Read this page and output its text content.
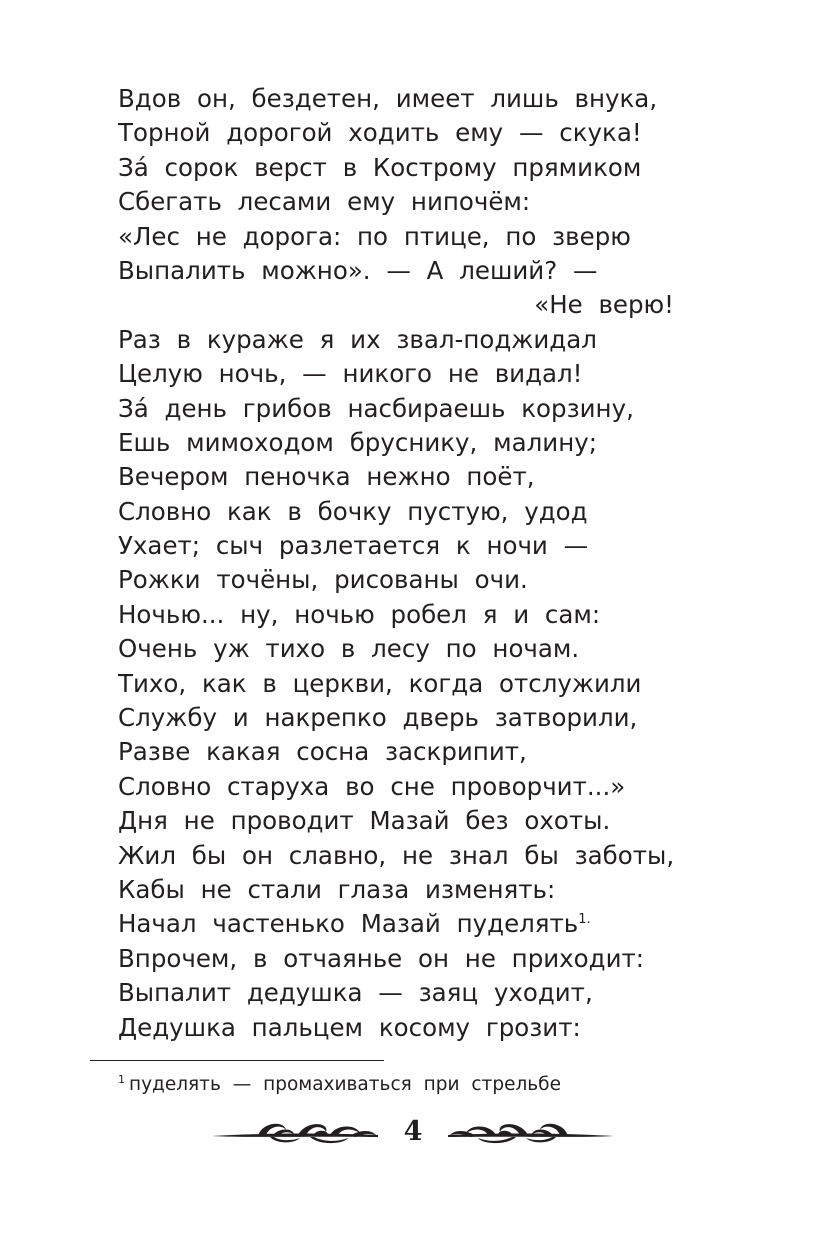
Вдов он, бездетен, имеет лишь внука,

Торной дорогой ходить ему — скука!

За́ сорок верст в Кострому прямиком

Сбегать лесами ему нипочём:

«Лес не дорога: по птице, по зверю

Выпалить можно». — А леший? —

«Не верю!

Раз в кураже я их звал-поджидал

Целую ночь, — никого не видал!

За́ день грибов насбираешь корзину,

Ешь мимоходом бруснику, малину;

Вечером пеночка нежно поёт,

Словно как в бочку пустую, удод

Ухает; сыч разлетается к ночи —

Рожки точёны, рисованы очи.

Ночью... ну, ночью робел я и сам:

Очень уж тихо в лесу по ночам.

Тихо, как в церкви, когда отслужили

Службу и накрепко дверь затворили,

Разве какая сосна заскрипит,

Словно старуха во сне проворчит...»

Дня не проводит Мазай без охоты.

Жил бы он славно, не знал бы заботы,

Кабы не стали глаза изменять:

Начал частенько Мазай пуделять$^{1.}$

Впрочем, в отчаянье он не приходит:

Выпалит дедушка — заяц уходит,

Дедушка пальцем косому грозит:

$^1$ пуделять — промахиваться при стрельбе
4
